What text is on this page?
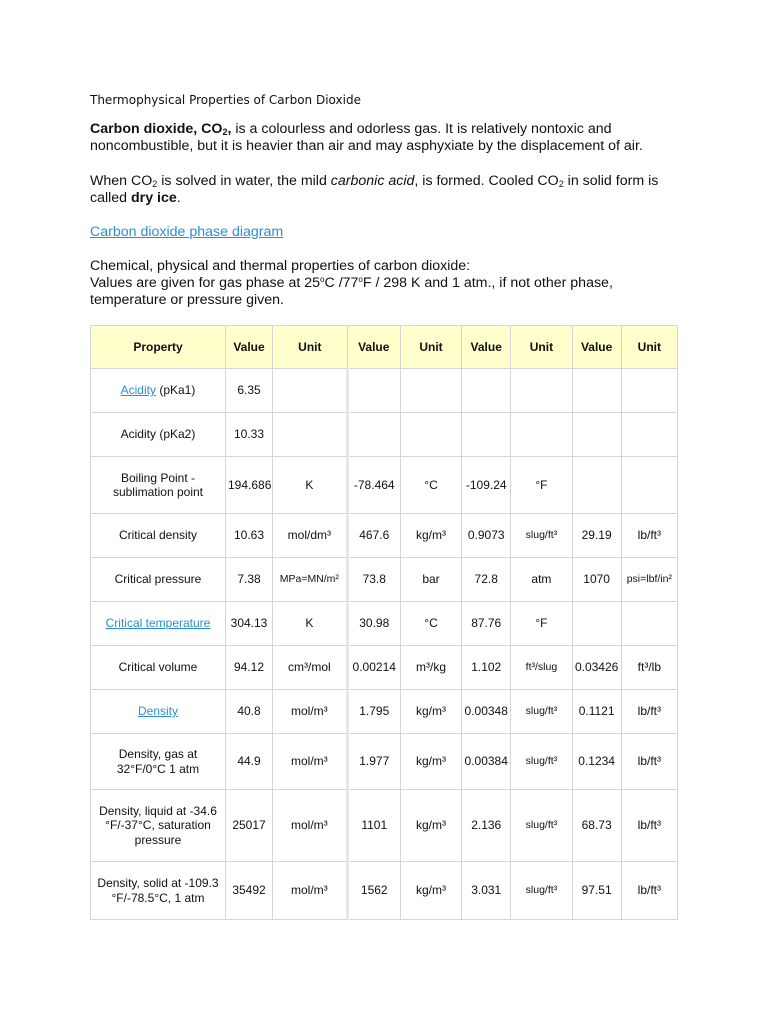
Thermophysical Properties of Carbon Dioxide
Carbon dioxide, $CO_2$, is a colourless and odorless gas. It is relatively nontoxic and noncombustible, but it is heavier than air and may asphyxiate by the displacement of air.
When $CO_2$ is solved in water, the mild carbonic acid, is formed. Cooled $CO_2$ in solid form is called dry ice.
Carbon dioxide phase diagram
Chemical, physical and thermal properties of carbon dioxide:
Values are given for gas phase at 25$^o$C /77$^o$F / 298 K and 1 atm., if not other phase, temperature or pressure given.
Property	Value	Unit	Value	Unit	Value	Unit	Value	Unit
Acidity (pKa1)	6.35							
Acidity (pKa2)	10.33							
Boiling Point - sublimation point	194.686	K	-78.464	°C	-109.24	°F		
Critical density	10.63	mol/dm³	467.6	kg/m³	0.9073	slug/ft³	29.19	lb/ft³
Critical pressure	7.38	MPa=MN/m²	73.8	bar	72.8	atm	1070	psi=lbf/in²
Critical temperature	304.13	K	30.98	°C	87.76	°F		
Critical volume	94.12	cm³/mol	0.00214	m³/kg	1.102	ft³/slug	0.03426	ft³/lb
Density	40.8	mol/m³	1.795	kg/m³	0.00348	slug/ft³	0.1121	lb/ft³
Density, gas at 32°F/0°C 1 atm	44.9	mol/m³	1.977	kg/m³	0.00384	slug/ft³	0.1234	lb/ft³
Density, liquid at -34.6 °F/-37°C, saturation pressure	25017	mol/m³	1101	kg/m³	2.136	slug/ft³	68.73	lb/ft³
Density, solid at -109.3 °F/-78.5°C, 1 atm	35492	mol/m³	1562	kg/m³	3.031	slug/ft³	97.51	lb/ft³
